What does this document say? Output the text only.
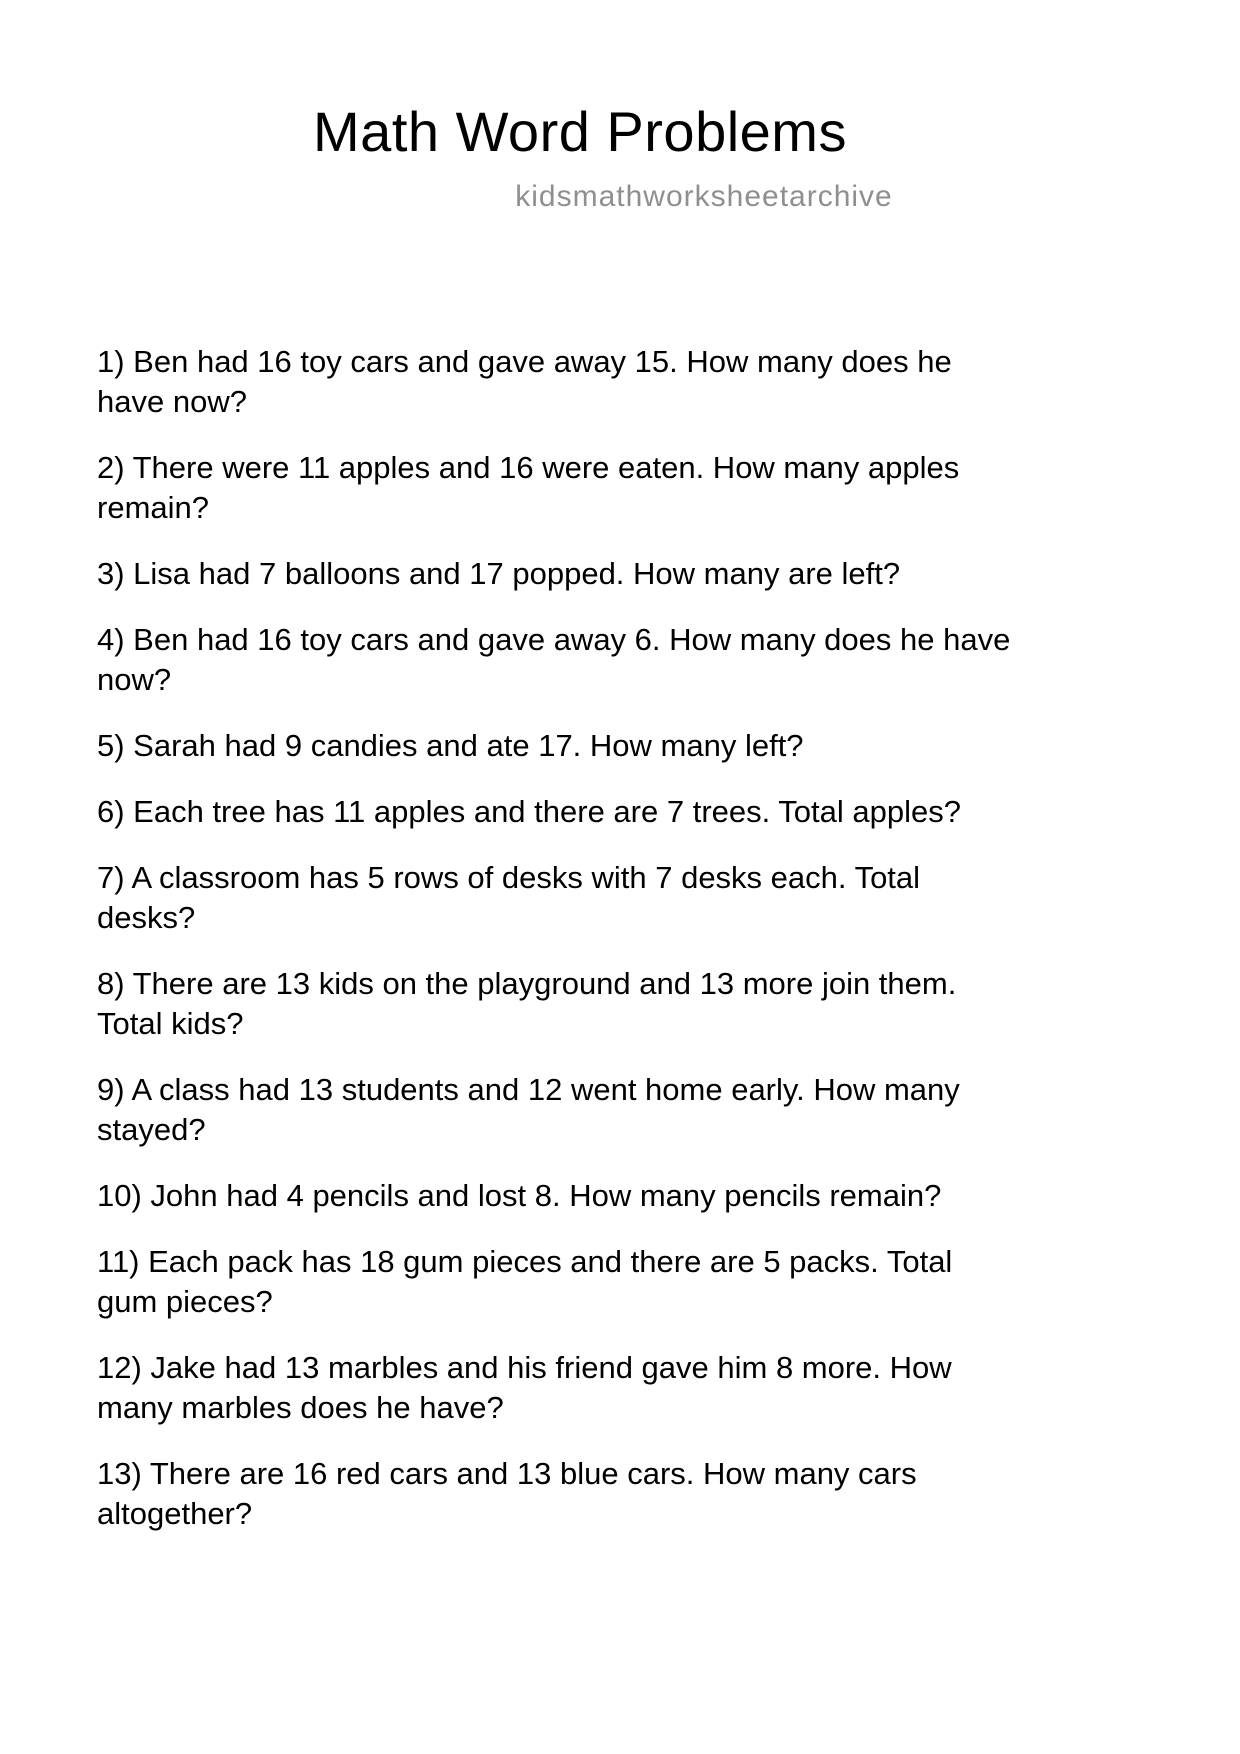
Math Word Problems
kidsmathworksheetarchive

1) Ben had 16 toy cars and gave away 15. How many does he
have now?

2) There were 11 apples and 16 were eaten. How many apples
remain?

3) Lisa had 7 balloons and 17 popped. How many are left?

4) Ben had 16 toy cars and gave away 6. How many does he have
now?

5) Sarah had 9 candies and ate 17. How many left?

6) Each tree has 11 apples and there are 7 trees. Total apples?

7) A classroom has 5 rows of desks with 7 desks each. Total
desks?

8) There are 13 kids on the playground and 13 more join them.
Total kids?

9) A class had 13 students and 12 went home early. How many
stayed?

10) John had 4 pencils and lost 8. How many pencils remain?

11) Each pack has 18 gum pieces and there are 5 packs. Total
gum pieces?

12) Jake had 13 marbles and his friend gave him 8 more. How
many marbles does he have?

13) There are 16 red cars and 13 blue cars. How many cars
altogether?
